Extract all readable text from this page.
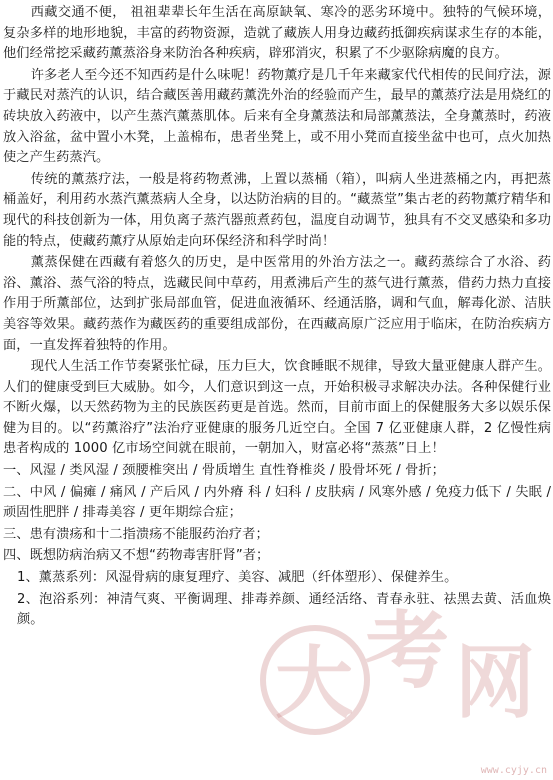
西藏交通不便， 祖祖辈辈长年生活在高原缺氧、寒冷的恶劣环境中。独特的气候环境，复杂多样的地形地貌，丰富的药物资源，造就了藏族人用身边藏药抵御疾病谋求生存的本能，他们经常挖采藏药薰蒸浴身来防治各种疾病，辟邪消灾，积累了不少驱除病魔的良方。

许多老人至今还不知西药是什么味呢！药物薰疗是几千年来藏家代代相传的民间疗法，源于藏民对蒸汽的认识，结合藏医善用藏药薰洗外治的经验而产生，最早的薰蒸疗法是用烧红的砖块放入药液中，以产生蒸汽薰蒸肌体。后来有全身薰蒸法和局部薰蒸法，全身薰蒸时，药液放入浴盆，盆中置小木凳，上盖棉布，患者坐凳上，或不用小凳而直接坐盆中也可，点火加热使之产生药蒸汽。

传统的薰蒸疗法，一般是将药物煮沸，上置以蒸桶（箱），叫病人坐进蒸桶之内，再把蒸桶盖好，利用药水蒸汽薰蒸病人全身，以达防治病的目的。“藏蒸堂”集古老的药物薰疗精华和现代的科技创新为一体，用负离子蒸汽器煎煮药包，温度自动调节，独具有不交叉感染和多功能的特点，使藏药薰疗从原始走向环保经济和科学时尚！

薰蒸保健在西藏有着悠久的历史，是中医常用的外治方法之一。藏药蒸综合了水浴、药浴、薰浴、蒸气浴的特点，选藏民间中草药，用煮沸后产生的蒸气进行薰蒸，借药力热力直接作用于所薰部位，达到扩张局部血管，促进血液循环、经通活胳，调和气血，解毒化淤、洁肤美容等效果。藏药蒸作为藏医药的重要组成部份，在西藏高原广泛应用于临床，在防治疾病方面，一直发挥着独特的作用。

现代人生活工作节奏紧张忙碌，压力巨大，饮食睡眠不规律，导致大量亚健康人群产生。人们的健康受到巨大威胁。如今，人们意识到这一点，开始积极寻求解决办法。各种保健行业不断火爆，以天然药物为主的民族医药更是首选。然而，目前市面上的保健服务大多以娱乐保健为目的。以“药薰浴疗”法治疗亚健康的服务几近空白。全国 7 亿亚健康人群，2 亿慢性病患者构成的 1000 亿市场空间就在眼前，一朝加入，财富必将“蒸蒸”日上！

一、风湿 / 类风湿 / 颈腰椎突出 / 骨质增生 直性脊椎炎 / 股骨坏死 / 骨折；

二、中风 / 偏瘫 / 痛风 / 产后风 / 内外瘠 科 / 妇科 / 皮肤病 / 风寒外感 / 免疫力低下 / 失眠 / 顽固性肥胖 / 排毒美容 / 更年期综合症；

三、患有溃疡和十二指溃疡不能服药治疗者；

四、既想防病治病又不想“药物毒害肝肾”者；

1、薰蒸系列：风湿骨病的康复理疗、美容、减肥（纤体塑形）、保健养生。

2、泡浴系列：神清气爽、平衡调理、排毒养颜、通经活络、青春永驻、祛黑去黄、活血焕颜。

大 考 网
www.cyjy.cn
